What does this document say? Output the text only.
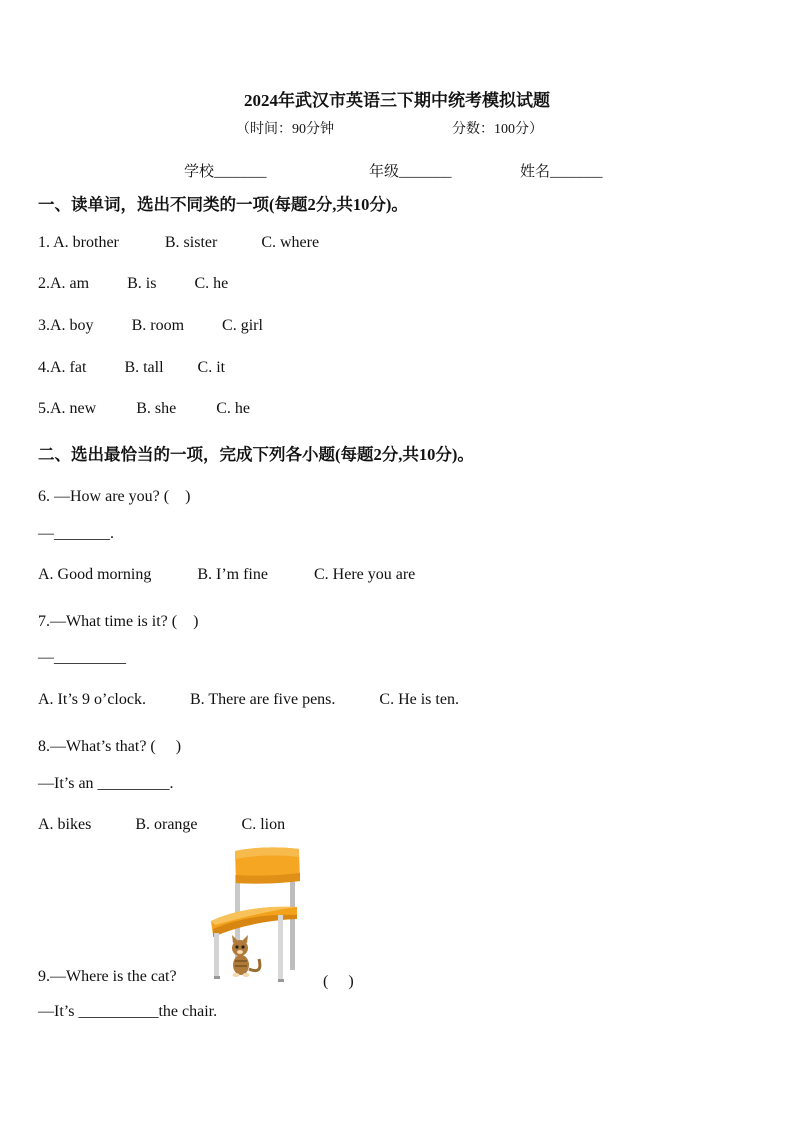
2024年武汉市英语三下期中统考模拟试题
（时间：90分钟	分数：100分）
学校_______	年级_______	姓名_______
一、读单词，选出不同类的一项(每题2分,共10分)。
1. A. brother	B. sister	C. where
2.A. am B. is C. he
3.A. boy B. room C. girl
4.A. fat B. tall C. it
5.A. new	B. she	C. he
二、选出最恰当的一项，完成下列各小题(每题2分,共10分)。
6. —How are you? (　)
—_______.
A. Good morning	B. I’m fine	C. Here you are
7.—What time is it? (　)
—_________
A. It’s 9 o’clock.	B. There are five pens.	C. He is ten.
8.—What’s that? (　 )
—It’s an _________.
A. bikes	B. orange	C. lion
9.—Where is the cat?	(　 )
—It’s __________the chair.
